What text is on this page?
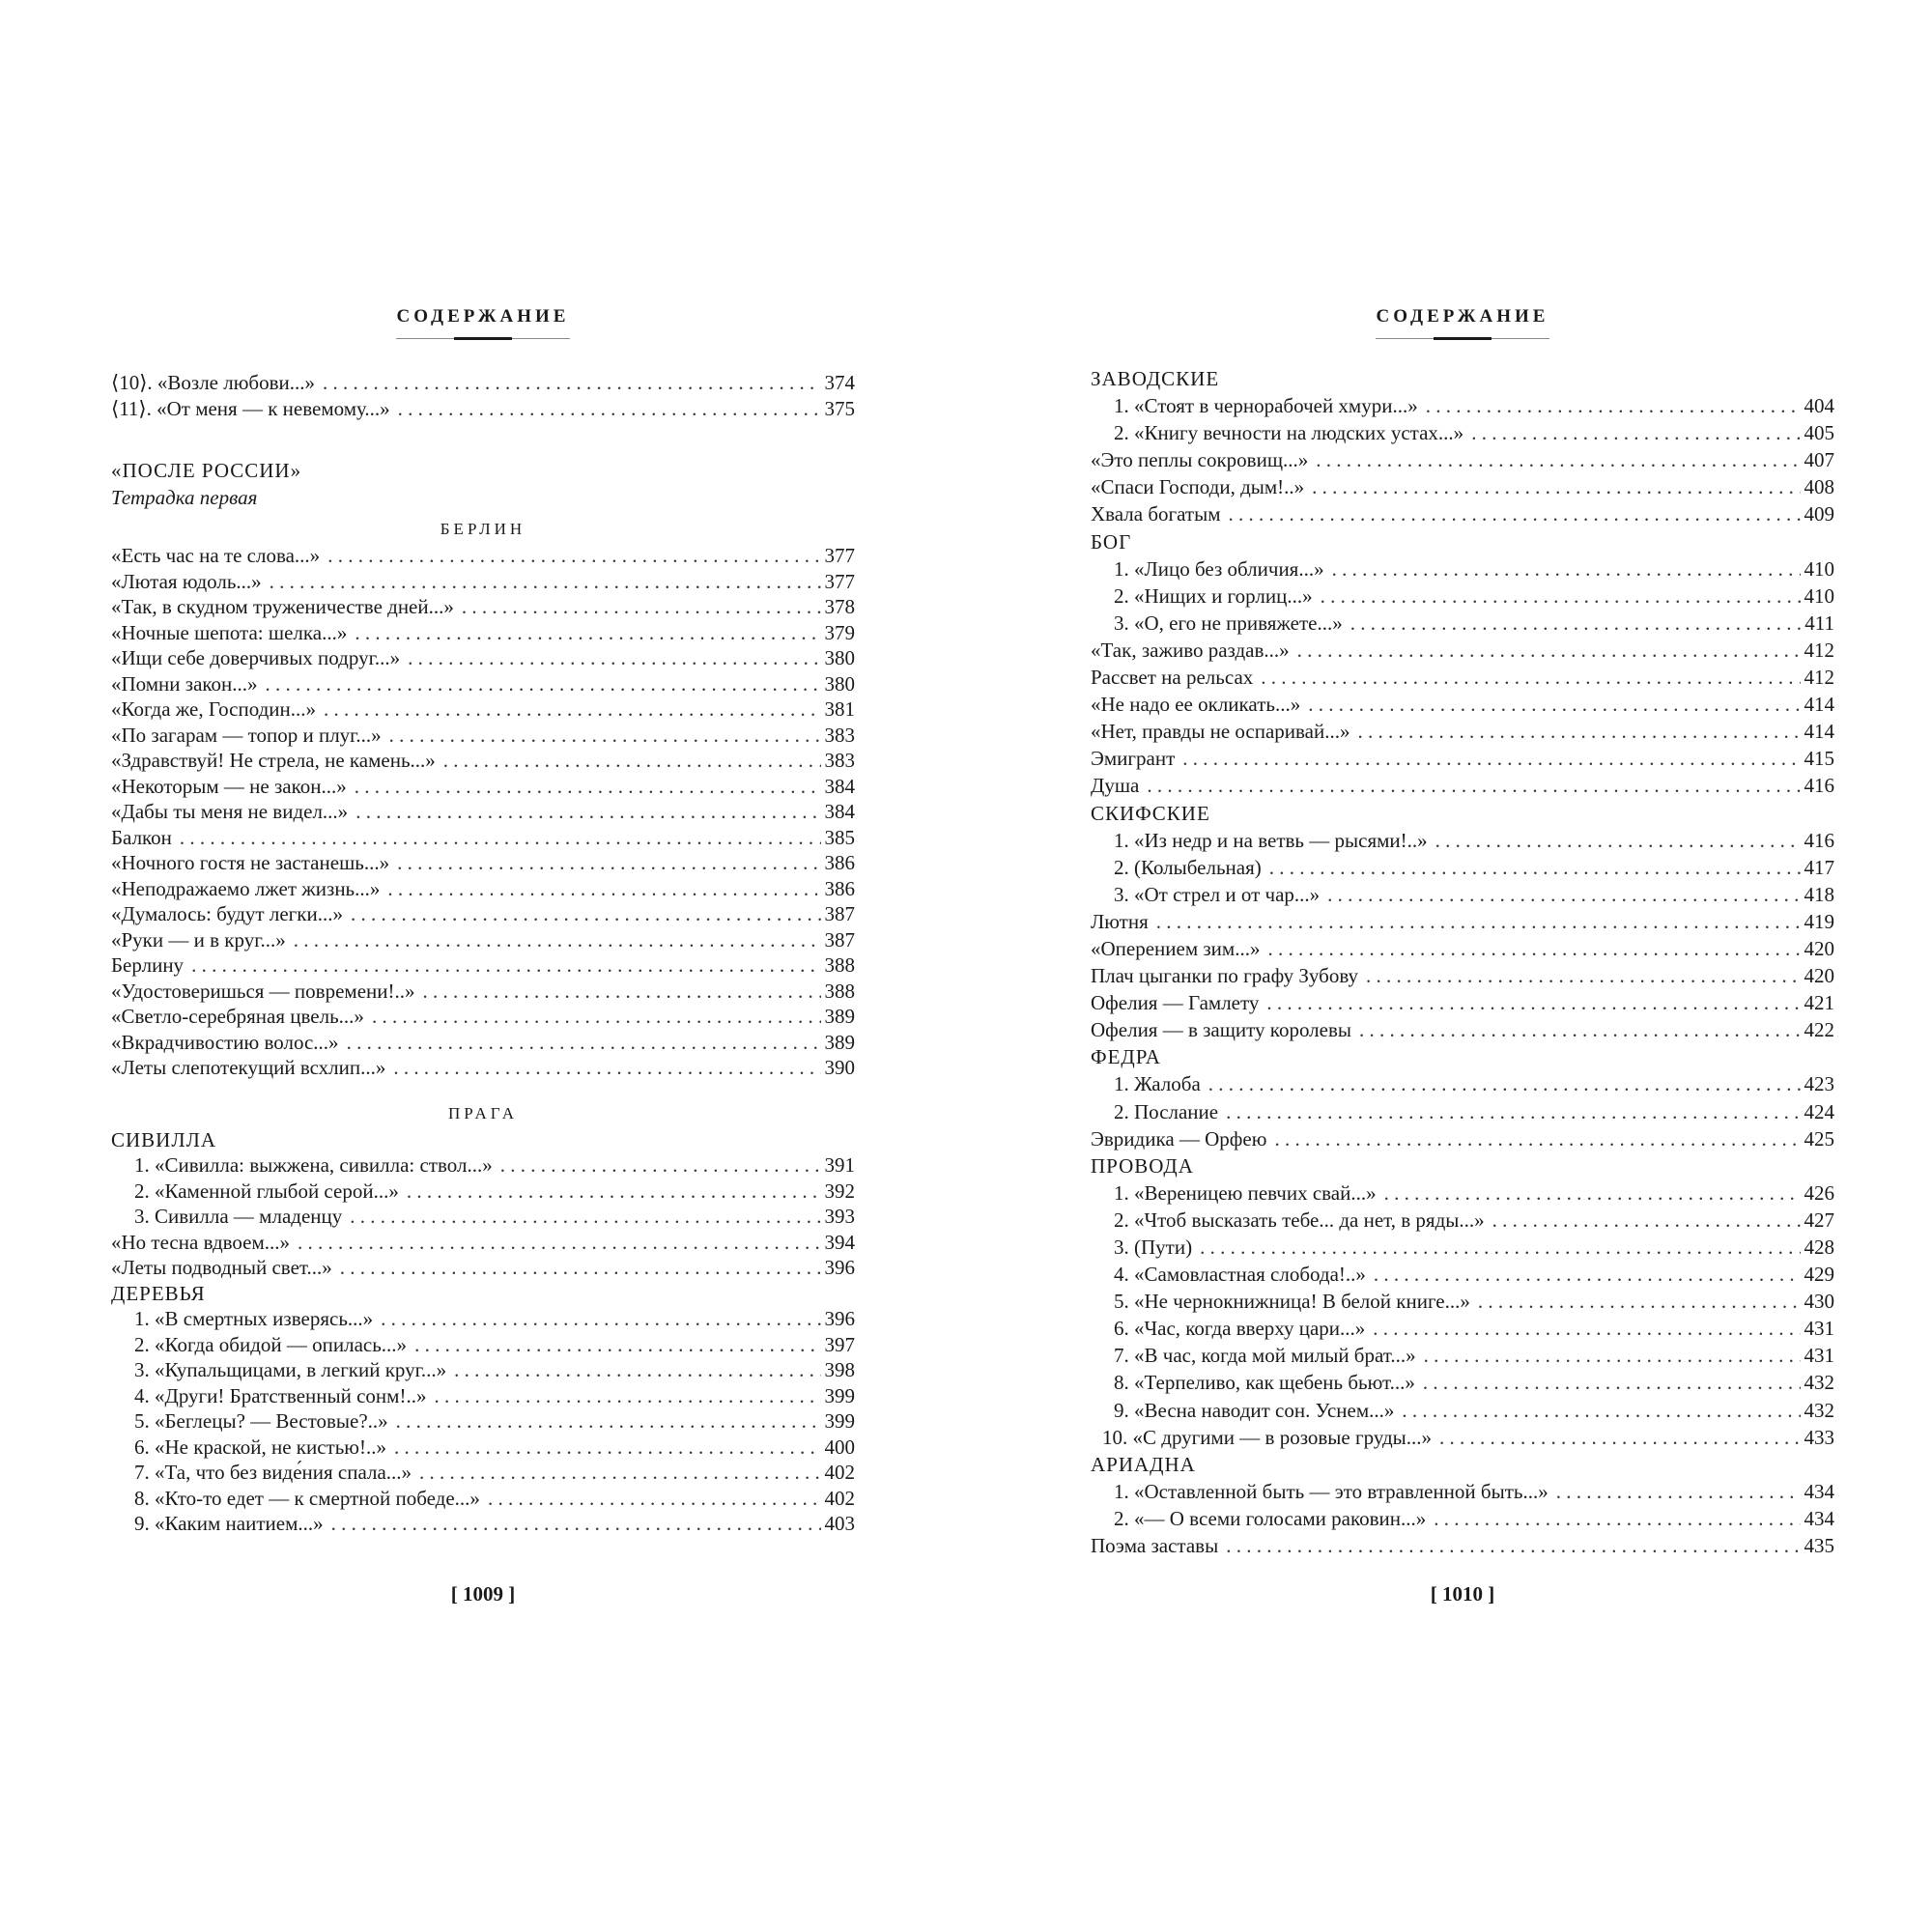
СОДЕРЖАНИЕ
⟨10⟩. «Возле любови...» . . .	374
⟨11⟩. «От меня — к невемому...» . . .	375
«ПОСЛЕ РОССИИ»
Тетрадка первая
БЕРЛИН
«Есть час на те слова...» . . .	377
«Лютая юдоль...» . . .	377
«Так, в скудном труженичестве дней...» . . .	378
«Ночные шепота: шелка...» . . .	379
«Ищи себе доверчивых подруг...» . . .	380
«Помни закон...» . . .	380
«Когда же, Господин...» . . .	381
«По загарам — топор и плуг...» . . .	383
«Здравствуй! Не стрела, не камень...» . . .	383
«Некоторым — не закон...» . . .	384
«Дабы ты меня не видел...» . . .	384
Балкон . . .	385
«Ночного гостя не застанешь...» . . .	386
«Неподражаемо лжет жизнь...» . . .	386
«Думалось: будут легки...» . . .	387
«Руки — и в круг...» . . .	387
Берлину . . .	388
«Удостоверишься — повремени!..» . . .	388
«Светло-серебряная цвель...» . . .	389
«Вкрадчивостию волос...» . . .	389
«Леты слепотекущий всхлип...» . . .	390
ПРАГА
СИВИЛЛА
1. «Сивилла: выжжена, сивилла: ствол...» . . .	391
2. «Каменной глыбой серой...» . . .	392
3. Сивилла — младенцу . . .	393
«Но тесна вдвоем...» . . .	394
«Леты подводный свет...» . . .	396
ДЕРЕВЬЯ
1. «В смертных изверясь...» . . .	396
2. «Когда обидой — опилась...» . . .	397
3. «Купальщицами, в легкий круг...» . . .	398
4. «Други! Братственный сонм!..» . . .	399
5. «Беглецы? — Вестовые?..» . . .	399
6. «Не краской, не кистью!..» . . .	400
7. «Та, что без виде́ния спала...» . . .	402
8. «Кто-то едет — к смертной победе...» . . .	402
9. «Каким наитием...» . . .	403
[ 1009 ]
СОДЕРЖАНИЕ
ЗАВОДСКИЕ
1. «Стоят в чернорабочей хмури...» . . .	404
2. «Книгу вечности на людских устах...» . . .	405
«Это пеплы сокровищ...» . . .	407
«Спаси Господи, дым!..» . . .	408
Хвала богатым . . .	409
БОГ
1. «Лицо без обличия...» . . .	410
2. «Нищих и горлиц...» . . .	410
3. «О, его не привяжете...» . . .	411
«Так, заживо раздав...» . . .	412
Рассвет на рельсах . . .	412
«Не надо ее окликать...» . . .	414
«Нет, правды не оспаривай...» . . .	414
Эмигрант . . .	415
Душа . . .	416
СКИФСКИЕ
1. «Из недр и на ветвь — рысями!..» . . .	416
2. (Колыбельная) . . .	417
3. «От стрел и от чар...» . . .	418
Лютня . . .	419
«Оперением зим...» . . .	420
Плач цыганки по графу Зубову . . .	420
Офелия — Гамлету . . .	421
Офелия — в защиту королевы . . .	422
ФЕДРА
1. Жалоба . . .	423
2. Послание . . .	424
Эвридика — Орфею . . .	425
ПРОВОДА
1. «Вереницею певчих свай...» . . .	426
2. «Чтоб высказать тебе... да нет, в ряды...» . . .	427
3. (Пути) . . .	428
4. «Самовластная слобода!..» . . .	429
5. «Не чернокнижница! В белой книге...» . . .	430
6. «Час, когда вверху цари...» . . .	431
7. «В час, когда мой милый брат...» . . .	431
8. «Терпеливо, как щебень бьют...» . . .	432
9. «Весна наводит сон. Уснем...» . . .	432
10. «С другими — в розовые груды...» . . .	433
АРИАДНА
1. «Оставленной быть — это втравленной быть...» . . .	434
2. «— О всеми голосами раковин...» . . .	434
Поэма заставы . . .	435
[ 1010 ]
